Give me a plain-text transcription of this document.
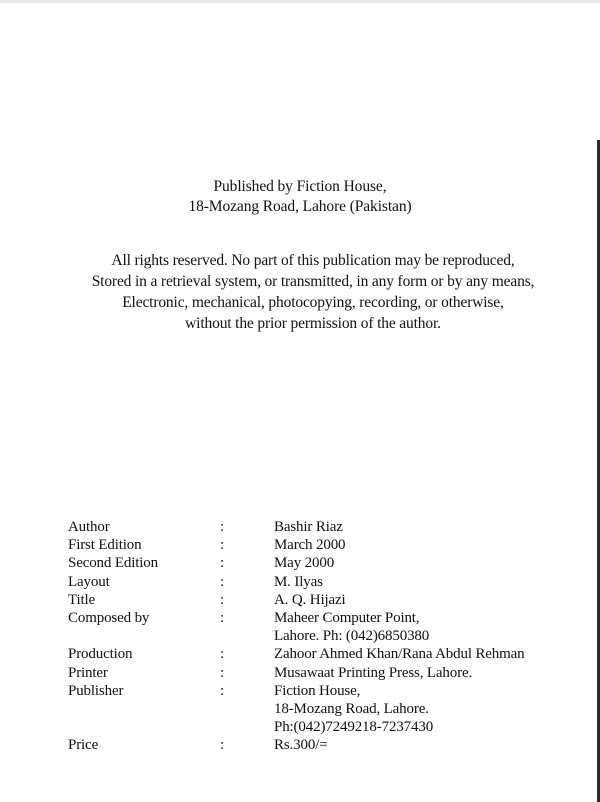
Published by Fiction House,
18-Mozang Road, Lahore (Pakistan)
All rights reserved. No part of this publication may be reproduced,
Stored in a retrieval system, or transmitted, in any form or by any means,
Electronic, mechanical, photocopying, recording, or otherwise,
without the prior permission of the author.
Author	:	Bashir Riaz
First Edition	:	March 2000
Second Edition	:	May 2000
Layout	:	M. Ilyas
Title	:	A. Q. Hijazi
Composed by	:	Maheer Computer Point,
Lahore. Ph: (042)6850380
Production	:	Zahoor Ahmed Khan/Rana Abdul Rehman
Printer	:	Musawaat Printing Press, Lahore.
Publisher	:	Fiction House,
18-Mozang Road, Lahore.
Ph:(042)7249218-7237430
Price	:	Rs.300/=
